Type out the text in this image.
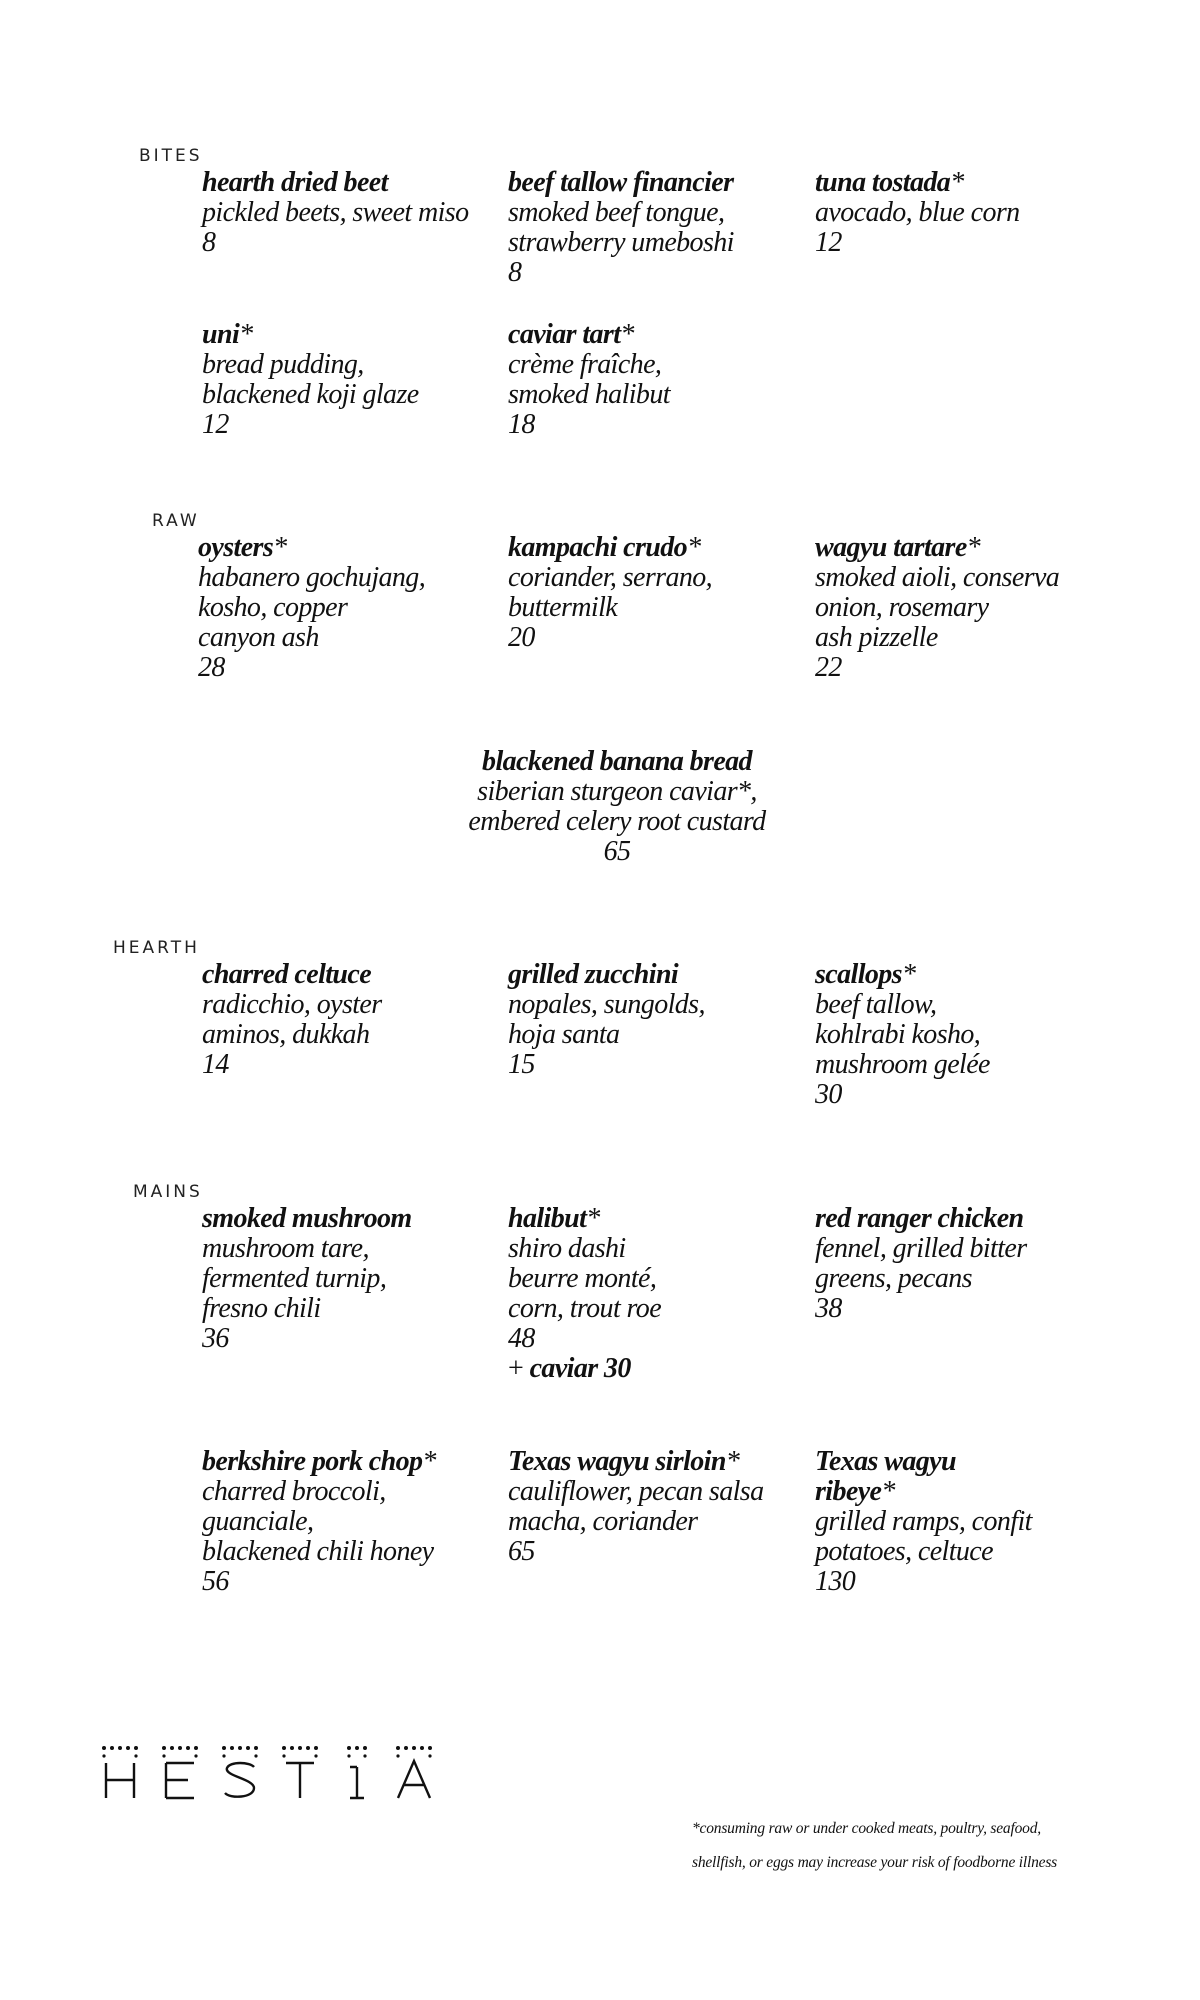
BITES
hearth dried beet
pickled beets, sweet miso
8
beef tallow financier
smoked beef tongue,
strawberry umeboshi
8
tuna tostada*
avocado, blue corn
12
uni*
bread pudding,
blackened koji glaze
12
caviar tart*
crème fraîche,
smoked halibut
18
RAW
oysters*
habanero gochujang,
kosho, copper
canyon ash
28
kampachi crudo*
coriander, serrano,
buttermilk
20
wagyu tartare*
smoked aioli, conserva
onion, rosemary
ash pizzelle
22
blackened banana bread
siberian sturgeon caviar*,
embered celery root custard
65
HEARTH
charred celtuce
radicchio, oyster
aminos, dukkah
14
grilled zucchini
nopales, sungolds,
hoja santa
15
scallops*
beef tallow,
kohlrabi kosho,
mushroom gelée
30
MAINS
smoked mushroom
mushroom tare,
fermented turnip,
fresno chili
36
halibut*
shiro dashi
beurre monté,
corn, trout roe
48
+ caviar 30
red ranger chicken
fennel, grilled bitter
greens, pecans
38
berkshire pork chop*
charred broccoli,
guanciale,
blackened chili honey
56
Texas wagyu sirloin*
cauliflower, pecan salsa
macha, coriander
65
Texas wagyu
ribeye*
grilled ramps, confit
potatoes, celtuce
130
*consuming raw or under cooked meats, poultry, seafood,
shellfish, or eggs may increase your risk of foodborne illness
